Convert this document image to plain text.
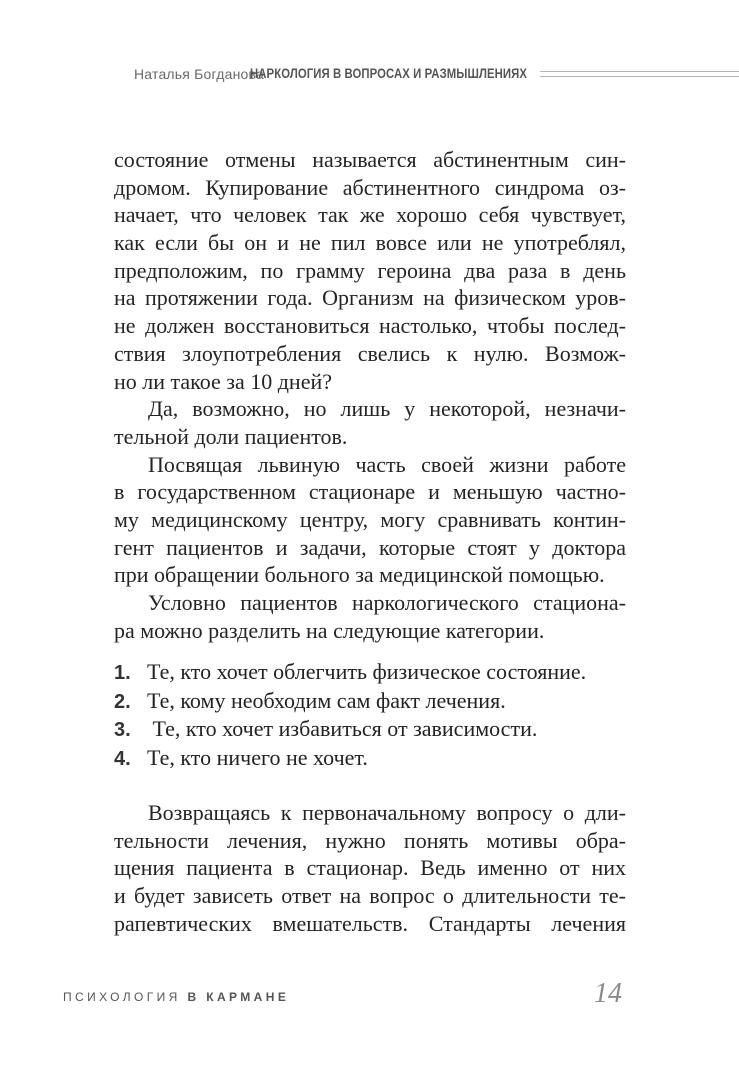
Наталья Богданова
НАРКОЛОГИЯ В ВОПРОСАХ И РАЗМЫШЛЕНИЯХ
состояние отмены называется абстинентным син-
дромом. Купирование абстинентного синдрома оз-
начает, что человек так же хорошо себя чувствует,
как если бы он и не пил вовсе или не употреблял,
предположим, по грамму героина два раза в день
на протяжении года. Организм на физическом уров-
не должен восстановиться настолько, чтобы послед-
ствия злоупотребления свелись к нулю. Возмож-
но ли такое за 10 дней?
Да, возможно, но лишь у некоторой, незначи-
тельной доли пациентов.
Посвящая львиную часть своей жизни работе
в государственном стационаре и меньшую частно-
му медицинскому центру, могу сравнивать контин-
гент пациентов и задачи, которые стоят у доктора
при обращении больного за медицинской помощью.
Условно пациентов наркологического стациона-
ра можно разделить на следующие категории.
1. Те, кто хочет облегчить физическое состояние.
2. Те, кому необходим сам факт лечения.
3. Те, кто хочет избавиться от зависимости.
4. Те, кто ничего не хочет.
Возвращаясь к первоначальному вопросу о дли-
тельности лечения, нужно понять мотивы обра-
щения пациента в стационар. Ведь именно от них
и будет зависеть ответ на вопрос о длительности те-
рапевтических вмешательств. Стандарты лечения
ПСИХОЛОГИЯ В КАРМАНЕ	14
